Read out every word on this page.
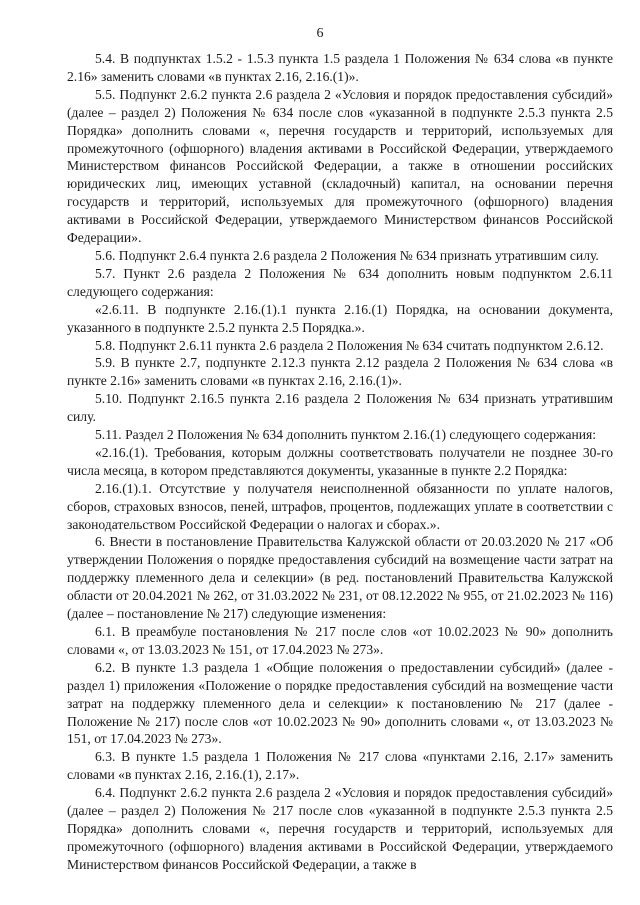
6

5.4. В подпунктах 1.5.2 - 1.5.3 пункта 1.5 раздела 1 Положения № 634 слова «в пункте 2.16» заменить словами «в пунктах 2.16, 2.16.(1)».

5.5. Подпункт 2.6.2 пункта 2.6 раздела 2 «Условия и порядок предоставления субсидий» (далее – раздел 2) Положения № 634 после слов «указанной в подпункте 2.5.3 пункта 2.5 Порядка» дополнить словами «, перечня государств и территорий, используемых для промежуточного (офшорного) владения активами в Российской Федерации, утверждаемого Министерством финансов Российской Федерации, а также в отношении российских юридических лиц, имеющих уставной (складочный) капитал, на основании перечня государств и территорий, используемых для промежуточного (офшорного) владения активами в Российской Федерации, утверждаемого Министерством финансов Российской Федерации».

5.6. Подпункт 2.6.4 пункта 2.6 раздела 2 Положения № 634 признать утратившим силу.

5.7. Пункт 2.6 раздела 2 Положения № 634 дополнить новым подпунктом 2.6.11 следующего содержания:

«2.6.11. В подпункте 2.16.(1).1 пункта 2.16.(1) Порядка, на основании документа, указанного в подпункте 2.5.2 пункта 2.5 Порядка.».

5.8. Подпункт 2.6.11 пункта 2.6 раздела 2 Положения № 634 считать подпунктом 2.6.12.

5.9. В пункте 2.7, подпункте 2.12.3 пункта 2.12 раздела 2 Положения № 634 слова «в пункте 2.16» заменить словами «в пунктах 2.16, 2.16.(1)».

5.10. Подпункт 2.16.5 пункта 2.16 раздела 2 Положения № 634 признать утратившим силу.

5.11. Раздел 2 Положения № 634 дополнить пунктом 2.16.(1) следующего содержания:

«2.16.(1). Требования, которым должны соответствовать получатели не позднее 30-го числа месяца, в котором представляются документы, указанные в пункте 2.2 Порядка:

2.16.(1).1. Отсутствие у получателя неисполненной обязанности по уплате налогов, сборов, страховых взносов, пеней, штрафов, процентов, подлежащих уплате в соответствии с законодательством Российской Федерации о налогах и сборах.».

6. Внести в постановление Правительства Калужской области от 20.03.2020 № 217 «Об утверждении Положения о порядке предоставления субсидий на возмещение части затрат на поддержку племенного дела и селекции» (в ред. постановлений Правительства Калужской области от 20.04.2021 № 262, от 31.03.2022 № 231, от 08.12.2022 № 955, от 21.02.2023 № 116) (далее – постановление № 217) следующие изменения:

6.1. В преамбуле постановления № 217 после слов «от 10.02.2023 № 90» дополнить словами «, от 13.03.2023 № 151, от 17.04.2023 № 273».

6.2. В пункте 1.3 раздела 1 «Общие положения о предоставлении субсидий» (далее - раздел 1) приложения «Положение о порядке предоставления субсидий на возмещение части затрат на поддержку племенного дела и селекции» к постановлению № 217 (далее - Положение № 217) после слов «от 10.02.2023 № 90» дополнить словами «, от 13.03.2023 № 151, от 17.04.2023 № 273».

6.3. В пункте 1.5 раздела 1 Положения № 217 слова «пунктами 2.16, 2.17» заменить словами «в пунктах 2.16, 2.16.(1), 2.17».

6.4. Подпункт 2.6.2 пункта 2.6 раздела 2 «Условия и порядок предоставления субсидий» (далее – раздел 2) Положения № 217 после слов «указанной в подпункте 2.5.3 пункта 2.5 Порядка» дополнить словами «, перечня государств и территорий, используемых для промежуточного (офшорного) владения активами в Российской Федерации, утверждаемого Министерством финансов Российской Федерации, а также в
